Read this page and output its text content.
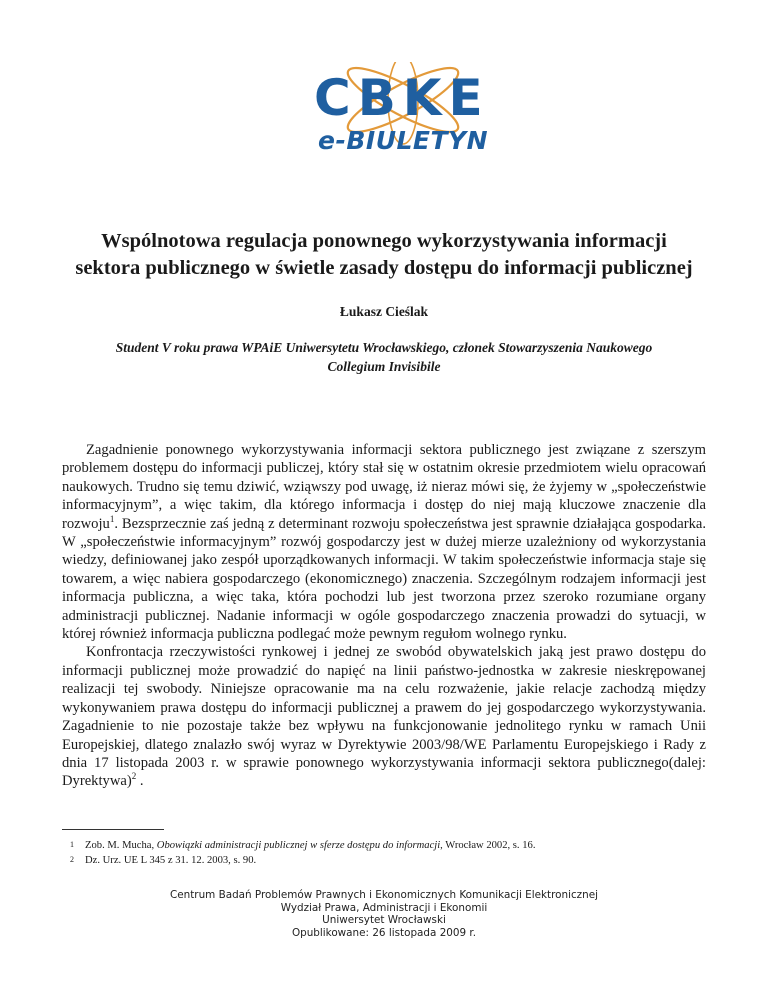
CBKE
e-BIULETYN
Wspólnotowa regulacja ponownego wykorzystywania informacji
sektora publicznego w świetle zasady dostępu do informacji publicznej
Łukasz Cieślak
Student V roku prawa WPAiE Uniwersytetu Wrocławskiego, członek Stowarzyszenia Naukowego
Collegium Invisibile

Zagadnienie ponownego wykorzystywania informacji sektora publicznego jest związane z szerszym problemem dostępu do informacji publiczej, który stał się w ostatnim okresie przedmiotem wielu opracowań naukowych. Trudno się temu dziwić, wziąwszy pod uwagę, iż nieraz mówi się, że żyjemy w „społeczeństwie informacyjnym”, a więc takim, dla którego informacja i dostęp do niej mają kluczowe znaczenie dla rozwoju$^1$. Bezsprzecznie zaś jedną z determinant rozwoju społeczeństwa jest sprawnie działająca gospodarka. W „społeczeństwie informacyjnym” rozwój gospodarczy jest w dużej mierze uzależniony od wykorzystania wiedzy, definiowanej jako zespół uporządkowanych informacji. W takim społeczeństwie informacja staje się towarem, a więc nabiera gospodarczego (ekonomicznego) znaczenia. Szczególnym rodzajem informacji jest informacja publiczna, a więc taka, która pochodzi lub jest tworzona przez szeroko rozumiane organy administracji publicznej. Nadanie informacji w ogóle gospodarczego znaczenia prowadzi do sytuacji, w której również informacja publiczna podlegać może pewnym regułom wolnego rynku.

Konfrontacja rzeczywistości rynkowej i jednej ze swobód obywatelskich jaką jest prawo dostępu do informacji publicznej może prowadzić do napięć na linii państwo-jednostka w zakresie nieskrępowanej realizacji tej swobody. Niniejsze opracowanie ma na celu rozważenie, jakie relacje zachodzą między wykonywaniem prawa dostępu do informacji publicznej a prawem do jej gospodarczego wykorzystywania. Zagadnienie to nie pozostaje także bez wpływu na funkcjonowanie jednolitego rynku w ramach Unii Europejskiej, dlatego znalazło swój wyraz w Dyrektywie 2003/98/WE Parlamentu Europejskiego i Rady z dnia 17 listopada 2003 r. w sprawie ponownego wykorzystywania informacji sektora publicznego(dalej: Dyrektywa)$^2$ .

1 Zob. M. Mucha, Obowiązki administracji publicznej w sferze dostępu do informacji, Wrocław 2002, s. 16.
2 Dz. Urz. UE L 345 z 31. 12. 2003, s. 90.
Centrum Badań Problemów Prawnych i Ekonomicznych Komunikacji Elektronicznej
Wydział Prawa, Administracji i Ekonomii
Uniwersytet Wrocławski
Opublikowane: 26 listopada 2009 r.
